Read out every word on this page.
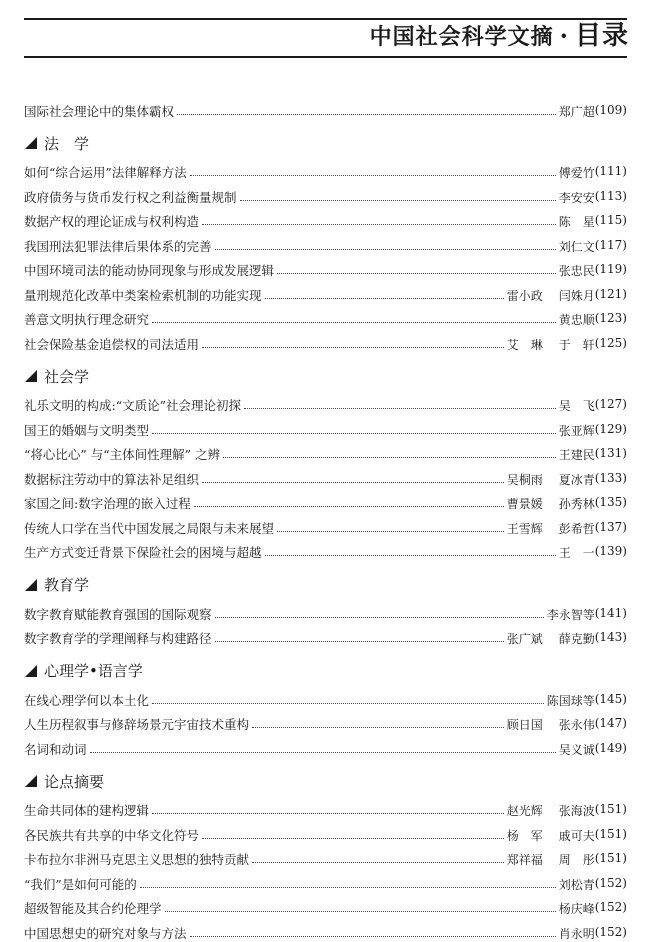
中国社会科学文摘 · 目录
国际社会理论中的集体霸权	郑广超 (109)
法　学
如何“综合运用”法律解释方法	傅爱竹 (111)
政府债务与货币发行权之利益衡量规制	李安安 (113)
数据产权的理论证成与权利构造	陈　星 (115)
我国刑法犯罪法律后果体系的完善	刘仁文 (117)
中国环境司法的能动协同现象与形成发展逻辑	张忠民 (119)
量刑规范化改革中类案检索机制的功能实现	雷小政 闫姝月 (121)
善意文明执行理念研究	黄忠顺 (123)
社会保险基金追偿权的司法适用	艾　琳 于　轩 (125)
社会学
礼乐文明的构成:“文质论”社会理论初探	吴　飞 (127)
国王的婚姻与文明类型	张亚辉 (129)
“将心比心” 与“主体间性理解” 之辨	王建民 (131)
数据标注劳动中的算法补足组织	吴桐雨 夏冰青 (133)
家国之间:数字治理的嵌入过程	曹景媛 孙秀林 (135)
传统人口学在当代中国发展之局限与未来展望	王雪辉 彭希哲 (137)
生产方式变迁背景下保险社会的困境与超越	王　一 (139)
教育学
数字教育赋能教育强国的国际观察	李永智等 (141)
数字教育学的学理阐释与构建路径	张广斌 薛克勤 (143)
心理学•语言学
在线心理学何以本土化	陈国球等 (145)
人生历程叙事与修辞场景元宇宙技术重构	顾日国 张永伟 (147)
名词和动词	吴义诚 (149)
论点摘要
生命共同体的建构逻辑	赵光辉 张海波 (151)
各民族共有共享的中华文化符号	杨　军 戚可夫 (151)
卡布拉尔非洲马克思主义思想的独特贡献	郑祥福 周　彤 (151)
“我们”是如何可能的	刘松青 (152)
超级智能及其合约伦理学	杨庆峰 (152)
中国思想史的研究对象与方法	肖永明 (152)
